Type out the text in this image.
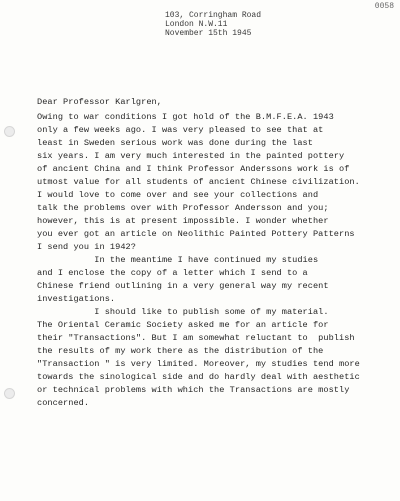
0058
103, Corringham Road
London N.W.11
November 15th 1945
Dear Professor Karlgren,
Owing to war conditions I got hold of the B.M.F.E.A. 1943
only a few weeks ago. I was very pleased to see that at
least in Sweden serious work was done during the last
six years. I am very much interested in the painted pottery
of ancient China and I think Professor Anderssons work is of
utmost value for all students of ancient Chinese civilization.
I would love to come over and see your collections and
talk the problems over with Professor Andersson and you;
however, this is at present impossible. I wonder whether
you ever got an article on Neolithic Painted Pottery Patterns
I send you in 1942?
In the meantime I have continued my studies
and I enclose the copy of a letter which I send to a
Chinese friend outlining in a very general way my recent
investigations.
I should like to publish some of my material.
The Oriental Ceramic Society asked me for an article for
their "Transactions". But I am somewhat reluctant to  publish
the results of my work there as the distribution of the
"Transaction " is very limited. Moreover, my studies tend more
towards the sinological side and do hardly deal with aesthetic
or technical problems with which the Transactions are mostly
concerned.
